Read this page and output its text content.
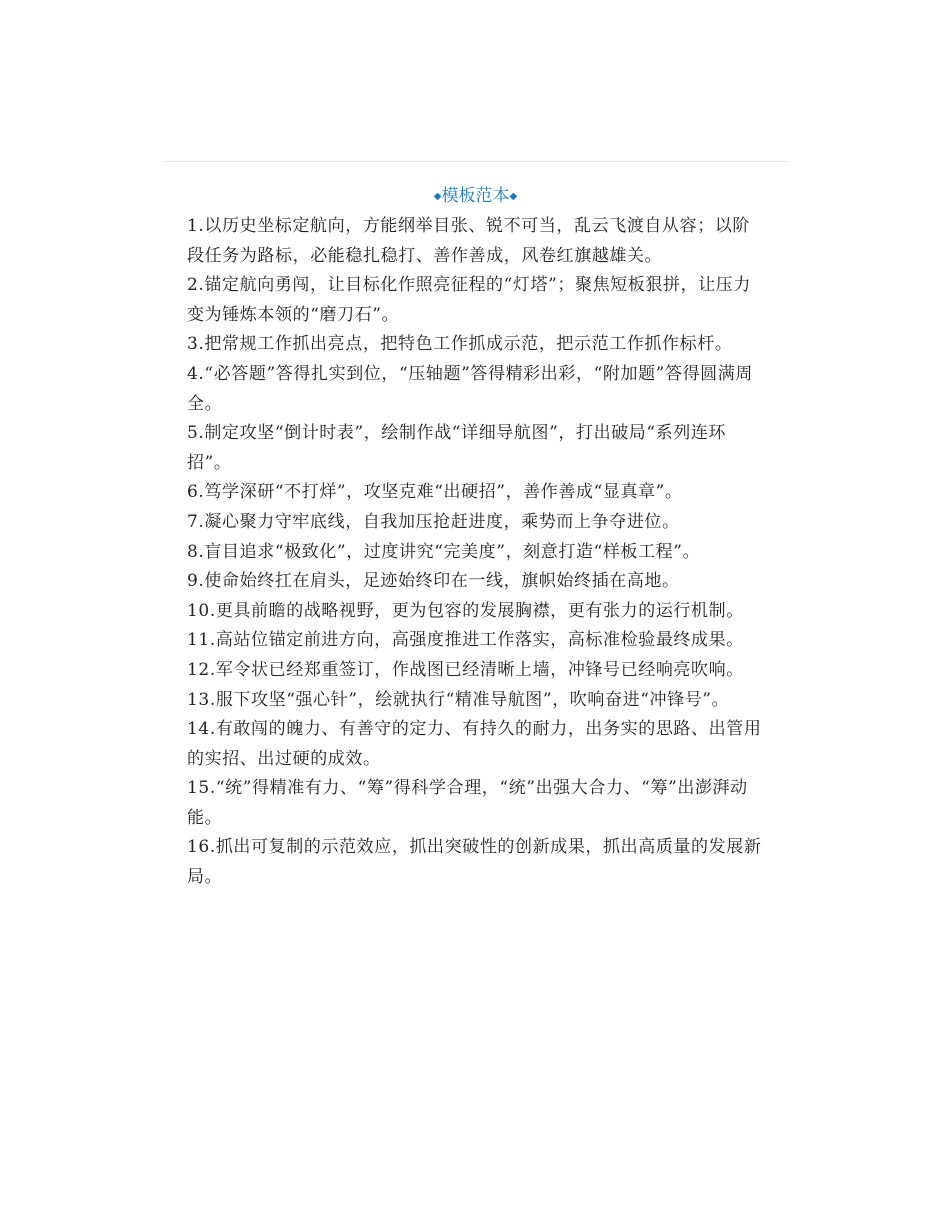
◆模板范本◆

1.以历史坐标定航向，方能纲举目张、锐不可当，乱云飞渡自从容；以阶段任务为路标，必能稳扎稳打、善作善成，风卷红旗越雄关。

2.锚定航向勇闯，让目标化作照亮征程的“灯塔”；聚焦短板狠拼，让压力变为锤炼本领的“磨刀石”。

3.把常规工作抓出亮点，把特色工作抓成示范，把示范工作抓作标杆。

4.“必答题”答得扎实到位，“压轴题”答得精彩出彩，“附加题”答得圆满周全。

5.制定攻坚“倒计时表”，绘制作战“详细导航图”，打出破局“系列连环招”。

6.笃学深研“不打烊”，攻坚克难“出硬招”，善作善成“显真章”。

7.凝心聚力守牢底线，自我加压抢赶进度，乘势而上争夺进位。

8.盲目追求“极致化”，过度讲究“完美度”，刻意打造“样板工程”。

9.使命始终扛在肩头，足迹始终印在一线，旗帜始终插在高地。

10.更具前瞻的战略视野，更为包容的发展胸襟，更有张力的运行机制。

11.高站位锚定前进方向，高强度推进工作落实，高标准检验最终成果。

12.军令状已经郑重签订，作战图已经清晰上墙，冲锋号已经响亮吹响。

13.服下攻坚“强心针”，绘就执行“精准导航图”，吹响奋进“冲锋号”。

14.有敢闯的魄力、有善守的定力、有持久的耐力，出务实的思路、出管用的实招、出过硬的成效。

15.“统”得精准有力、“筹”得科学合理，“统”出强大合力、“筹”出澎湃动能。

16.抓出可复制的示范效应，抓出突破性的创新成果，抓出高质量的发展新局。
